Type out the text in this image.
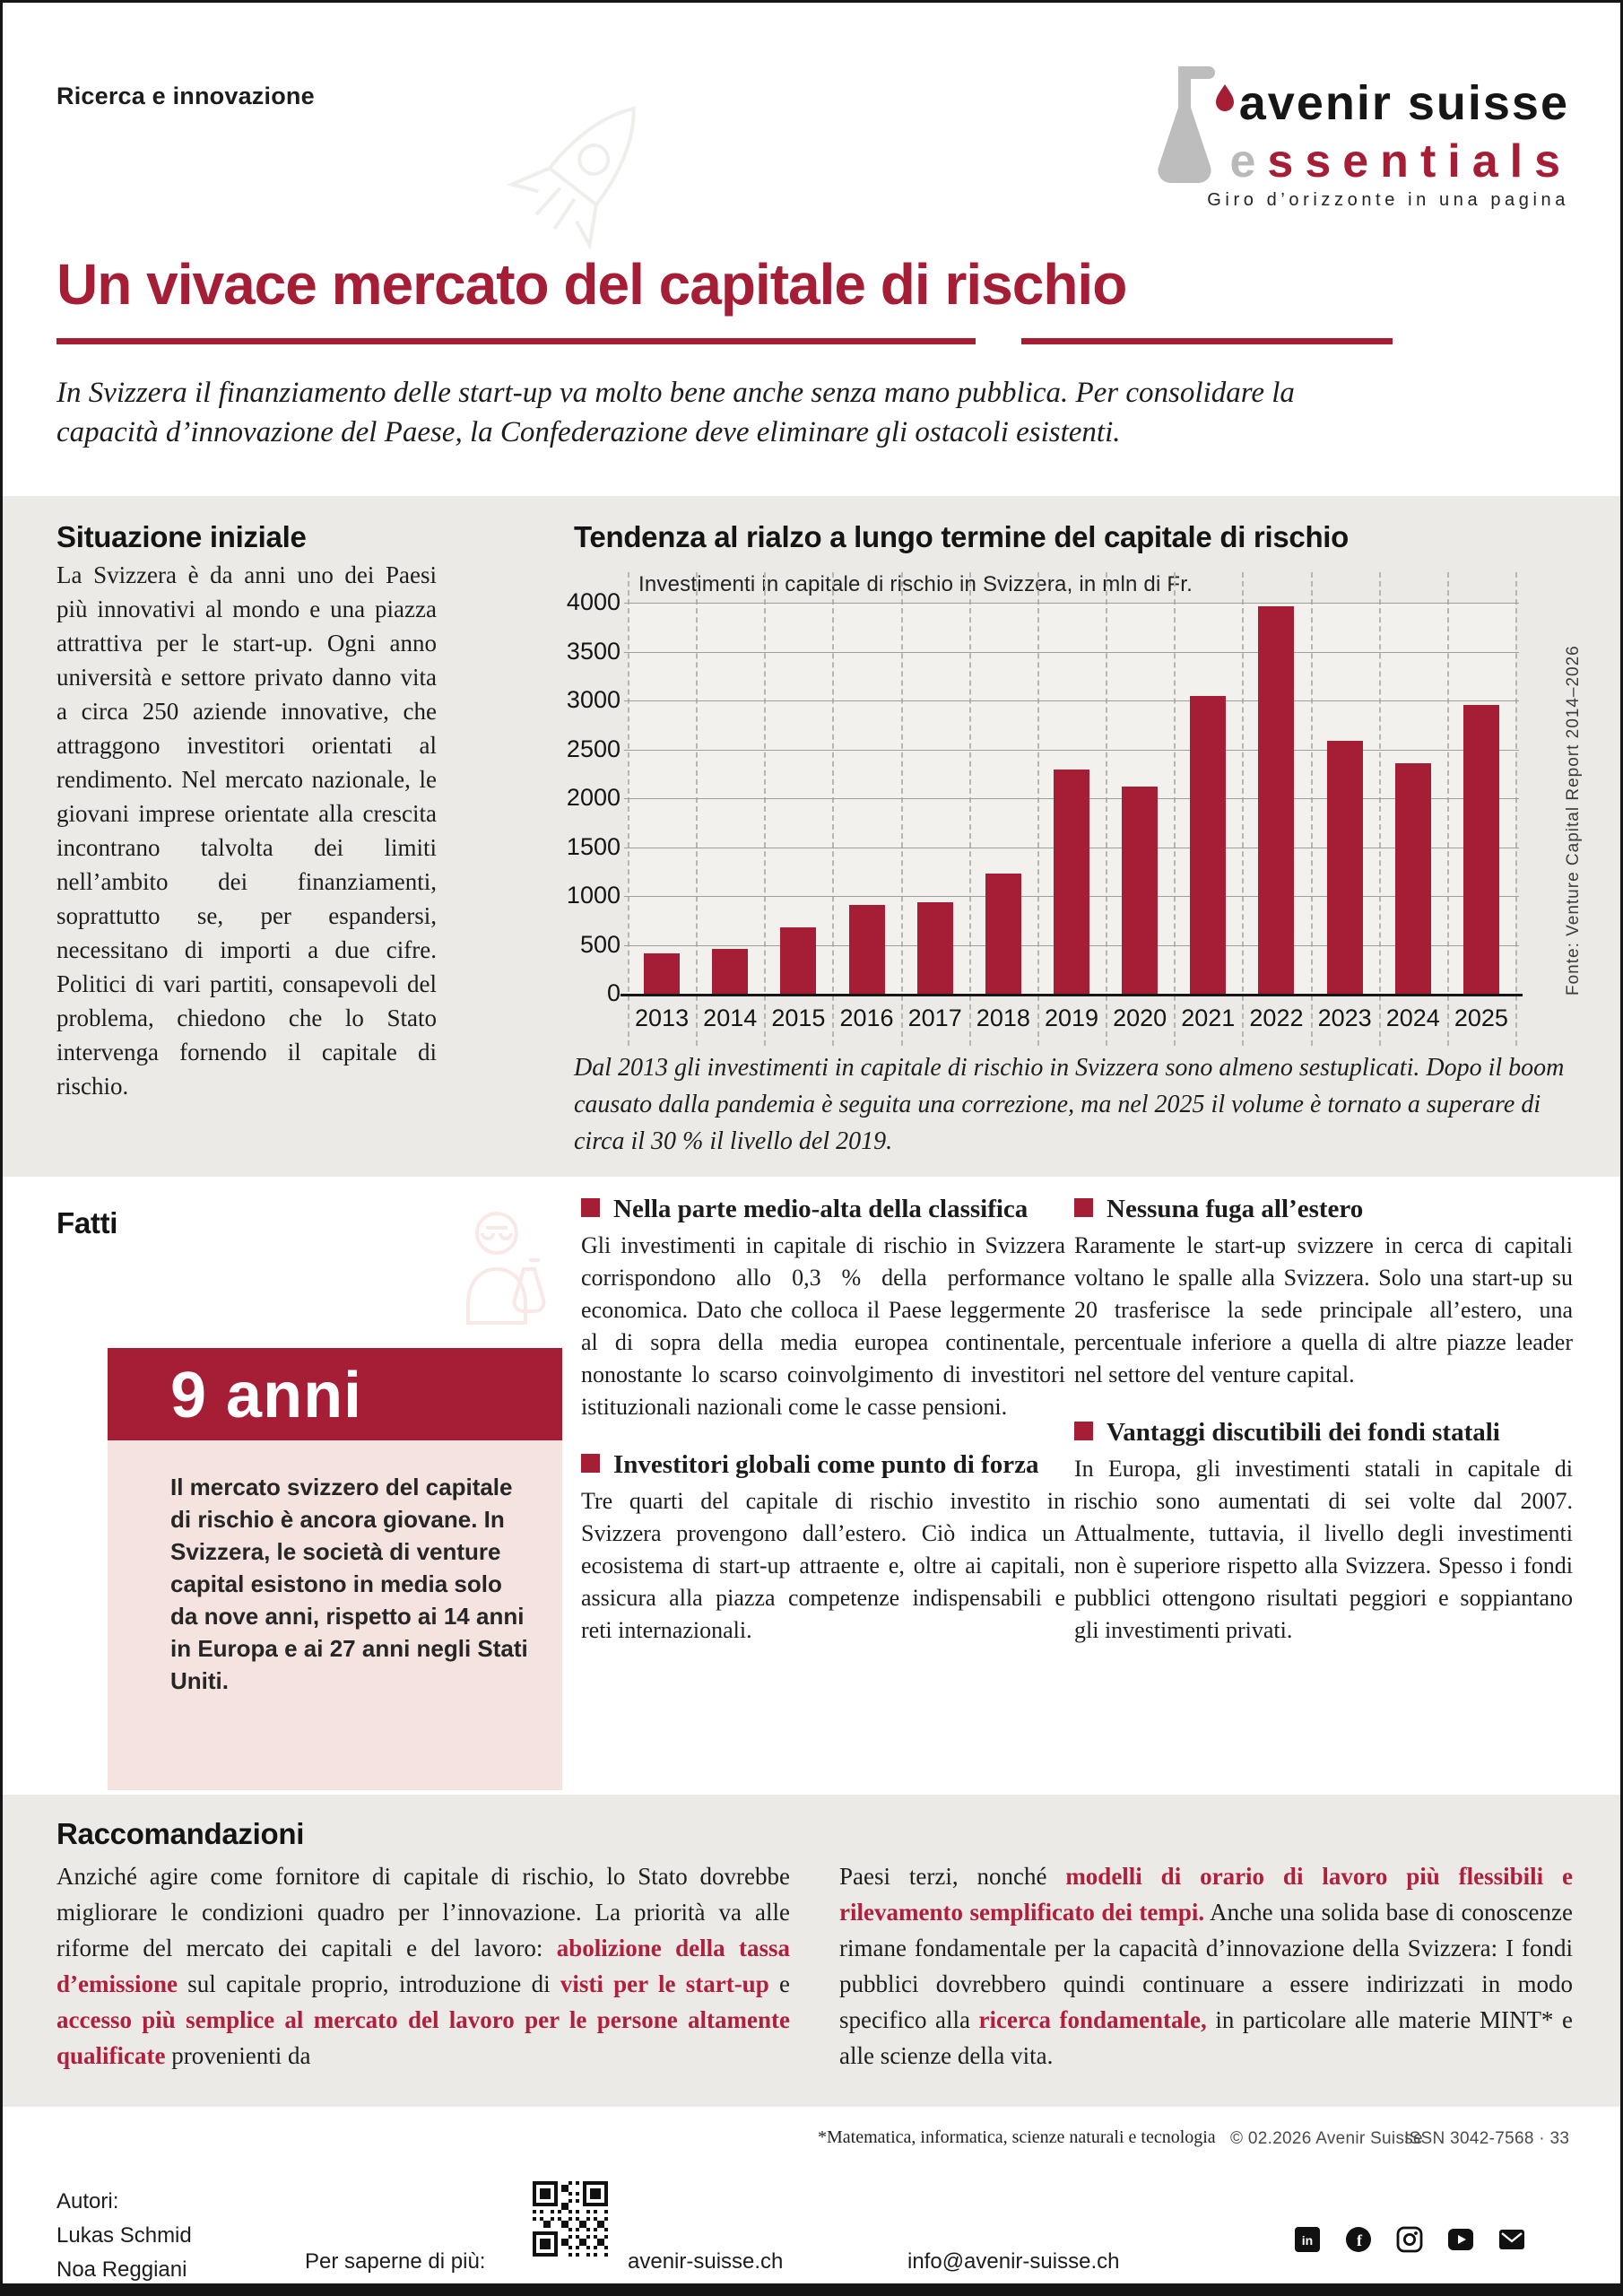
Ricerca e innovazione	avenir suisse
essentials
Giro d’orizzonte in una pagina
Un vivace mercato del capitale di rischio
In Svizzera il finanziamento delle start-up va molto bene anche senza mano pubblica. Per consolidare la capacità d’innovazione del Paese, la Confederazione deve eliminare gli ostacoli esistenti.
Situazione iniziale
La Svizzera è da anni uno dei Paesi più innovativi al mondo e una piazza attrattiva per le start-up. Ogni anno università e settore privato danno vita a circa 250 aziende innovative, che attraggono investitori orientati al rendimento. Nel mercato nazionale, le giovani imprese orientate alla crescita incontrano talvolta dei limiti nell’ambito dei finanziamenti, soprattutto se, per espandersi, necessitano di importi a due cifre. Politici di vari partiti, consapevoli del problema, chiedono che lo Stato intervenga fornendo il capitale di rischio.
Tendenza al rialzo a lungo termine del capitale di rischio
Investimenti in capitale di rischio in Svizzera, in mln di Fr.
0
500
1000
1500
2000
2500
3000
3500
4000
2013 2014 2015 2016 2017 2018 2019 2020 2021 2022 2023 2024 2025
Fonte: Venture Capital Report 2014–2026
Dal 2013 gli investimenti in capitale di rischio in Svizzera sono almeno sestuplicati. Dopo il boom causato dalla pandemia è seguita una correzione, ma nel 2025 il volume è tornato a superare di circa il 30 % il livello del 2019.
Fatti
9 anni
Il mercato svizzero del capitale di rischio è ancora giovane. In Svizzera, le società di venture capital esistono in media solo da nove anni, rispetto ai 14 anni in Europa e ai 27 anni negli Stati Uniti.
Nella parte medio-alta della classifica
Gli investimenti in capitale di rischio in Svizzera corrispondono allo 0,3 % della performance economica. Dato che colloca il Paese leggermente al di sopra della media europea continentale, nonostante lo scarso coinvolgimento di investitori istituzionali nazionali come le casse pensioni.
Investitori globali come punto di forza
Tre quarti del capitale di rischio investito in Svizzera provengono dall’estero. Ciò indica un ecosistema di start-up attraente e, oltre ai capitali, assicura alla piazza competenze indispensabili e reti internazionali.
Nessuna fuga all’estero
Raramente le start-up svizzere in cerca di capitali voltano le spalle alla Svizzera. Solo una start-up su 20 trasferisce la sede principale all’estero, una percentuale inferiore a quella di altre piazze leader nel settore del venture capital.
Vantaggi discutibili dei fondi statali
In Europa, gli investimenti statali in capitale di rischio sono aumentati di sei volte dal 2007. Attualmente, tuttavia, il livello degli investimenti non è superiore rispetto alla Svizzera. Spesso i fondi pubblici ottengono risultati peggiori e soppiantano gli investimenti privati.
Raccomandazioni
Anziché agire come fornitore di capitale di rischio, lo Stato dovrebbe migliorare le condizioni quadro per l’innovazione. La priorità va alle riforme del mercato dei capitali e del lavoro: abolizione della tassa d’emissione sul capitale proprio, introduzione di visti per le start-up e accesso più semplice al mercato del lavoro per le persone altamente qualificate provenienti da
Paesi terzi, nonché modelli di orario di lavoro più flessibili e rilevamento semplificato dei tempi. Anche una solida base di conoscenze rimane fondamentale per la capacità d’innovazione della Svizzera: I fondi pubblici dovrebbero quindi continuare a essere indirizzati in modo specifico alla ricerca fondamentale, in particolare alle materie MINT* e alle scienze della vita.
*Matematica, informatica, scienze naturali e tecnologia © 02.2026 Avenir Suisse
ISSN 3042-7568 · 33
Autori:
Lukas Schmid
Noa Reggiani	Per saperne di più:	avenir-suisse.ch	info@avenir-suisse.ch
in	f
